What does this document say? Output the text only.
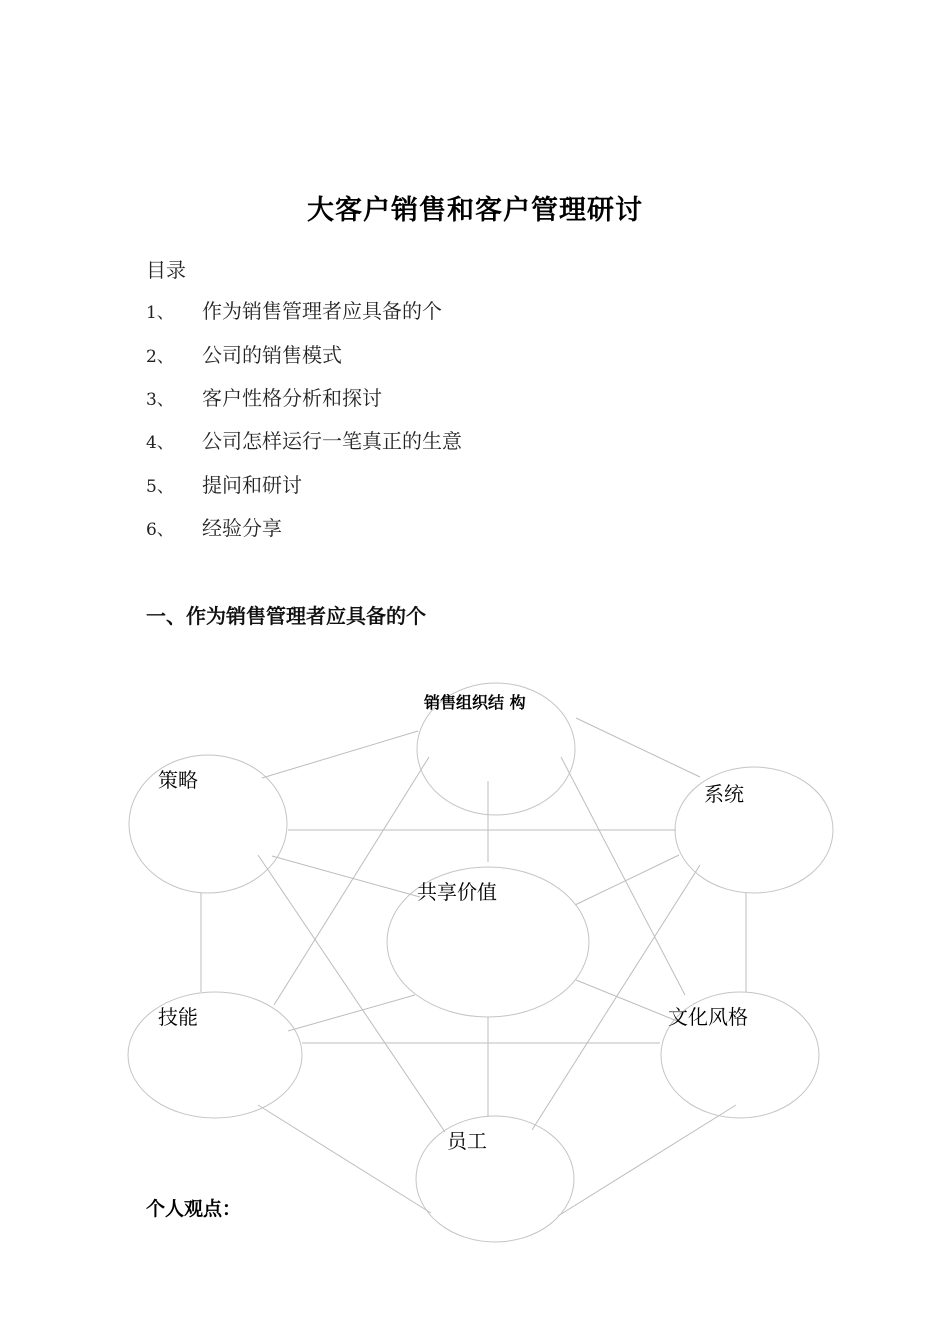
大客户销售和客户管理研讨
目录
1、 作为销售管理者应具备的个
2、 公司的销售模式
3、 客户性格分析和探讨
4、 公司怎样运行一笔真正的生意
5、 提问和研讨
6、 经验分享
一、作为销售管理者应具备的个
销售组织结 构
策略
系统
共享价值
技能	文化风格
员工
个人观点：
